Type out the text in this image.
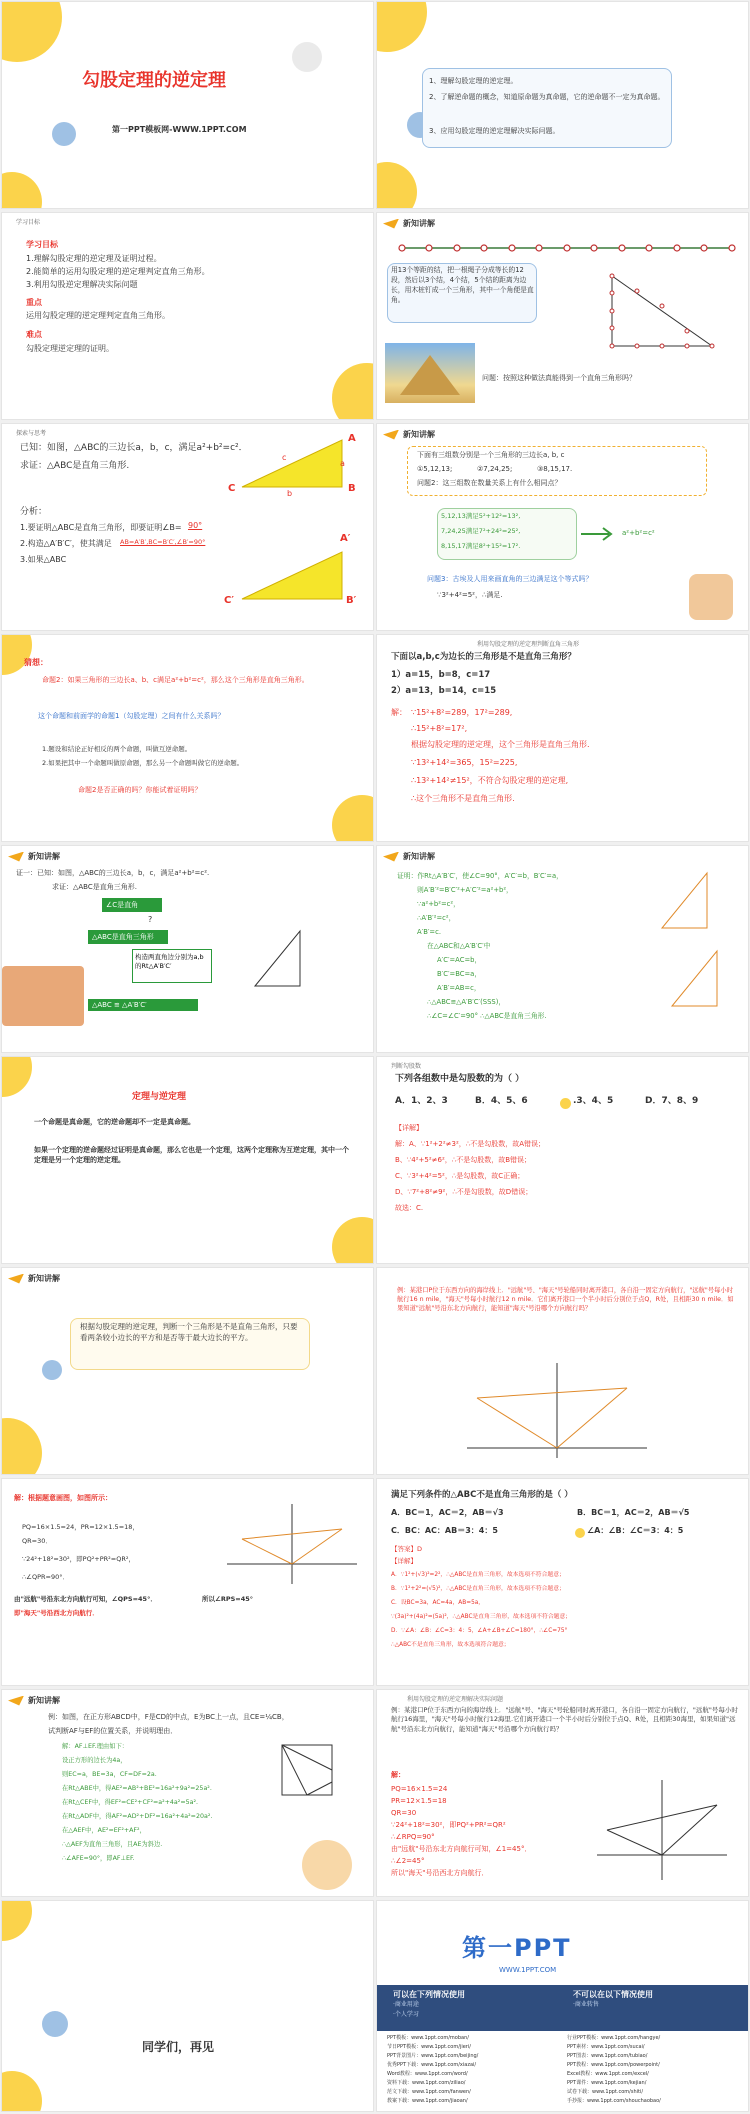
勾股定理的逆定理
第一PPT模板网-WWW.1PPT.COM
1、理解勾股定理的逆定理。
2、了解逆命题的概念，知道原命题为真命题，它的逆命题不一定为真命题。
3、应用勾股定理的逆定理解决实际问题。
学习目标
学习目标
1.理解勾股定理的逆定理及证明过程。
2.能简单的运用勾股定理的逆定理判定直角三角形。
3.利用勾股逆定理解决实际问题
重点
运用勾股定理的逆定理判定直角三角形。
难点
勾股定理逆定理的证明。
新知讲解
用13个等距的结，把一根绳子分成等长的12段，然后以3个结，4个结，5个结的距离为边长，用木桩钉成一个三角形，其中一个角便是直角。
问题：按照这种做法真能得到一个直角三角形吗？
探索与思考
已知：如图，△ABC的三边长a，b，c，满足a²+b²=c²．
求证：△ABC是直角三角形.
A
B
C
a
b
c
分析：
1.要证明△ABC是直角三角形，即要证明∠B= 90°
2.构造△A′B′C′，使其满足 AB=A′B′,BC=B′C′,∠B′=90°
3.如果△ABC
A′
B′
C′
新知讲解
下面有三组数分别是一个三角形的三边长a, b, c
①5,12,13;	②7,24,25;	③8,15,17.
问题2：这三组数在数量关系上有什么相同点？
5,12,13满足5²+12²=13²,
7,24,25满足7²+24²=25²,
8,15,17满足8²+15²=17².
a²+b²=c²
问题3：古埃及人用来画直角的三边满足这个等式吗？
∵3²+4²=5²，∴满足.
猜想：
命题2：如果三角形的三边长a、b、c满足a²+b²=c²，那么这个三角形是直角三角形。
这个命题和前面学的命题1（勾股定理）之间有什么关系吗？
1.题设和结论正好相反的两个命题，叫做互逆命题。
2.如果把其中一个命题叫做原命题，那么另一个命题叫做它的逆命题。
命题2是否正确的吗？你能试着证明吗？
利用勾股定理的逆定理判断直角三角形
下面以a,b,c为边长的三角形是不是直角三角形？
1）a=15，b=8，c=17
2）a=13，b=14，c=15
解： ∵15²+8²=289，17²=289,
∴15²+8²=17²,
根据勾股定理的逆定理，这个三角形是直角三角形.
∵13²+14²=365，15²=225,
∴13²+14²≠15²，不符合勾股定理的逆定理,
∴这个三角形不是直角三角形.
新知讲解
证一：已知：如图，△ABC的三边长a，b，c，满足a²+b²=c².
求证：△ABC是直角三角形.
∠C是直角
?
△ABC是直角三角形
构造两直角边分别为a,b的Rt△A′B′C′
△ABC ≌ △A′B′C′
新知讲解
证明：作Rt△A′B′C′，使∠C=90°，A′C′=b，B′C′=a，
则A′B′²=B′C′²+A′C′²=a²+b²，
∵a²+b²=c²，
∴A′B′²=c²，
A′B′=c.
在△ABC和△A′B′C′中
A′C′=AC=b，
B′C′=BC=a，
A′B′=AB=c，
∴△ABC≌△A′B′C′(SSS)，
∴∠C=∠C′=90° ∴△ABC是直角三角形.
定理与逆定理
一个命题是真命题，它的逆命题却不一定是真命题。
如果一个定理的逆命题经过证明是真命题，那么它也是一个定理，这两个定理称为互逆定理，其中一个定理是另一个定理的逆定理。
判断勾股数
下列各组数中是勾股数的为（ ）
A．1、2、3	B．4、5、6	.3、4、5	D．7、8、9
【详解】
解：A、∵1²+2²≠3²，∴不是勾股数，故A错误；
B、∵4²+5²≠6²，∴不是勾股数，故B错误；
C、∵3²+4²=5²，∴是勾股数，故C正确；
D、∵7²+8²≠9²，∴不是勾股数，故D错误；
故选：C.
新知讲解
根据勾股定理的逆定理，判断一个三角形是不是直角三角形，只要看两条较小边长的平方和是否等于最大边长的平方。
例：某港口P位于东西方向的海岸线上．"远航"号、"海天"号轮船同时离开港口，各自沿一固定方向航行，"远航"号每小时航行16 n mile，"海天"号每小时航行12 n mile．它们离开港口一个半小时后分别位于点Q，R处，且相距30 n mile．如果知道"远航"号沿东北方向航行，能知道"海天"号沿哪个方向航行吗？
解：根据题意画图，如图所示：
PQ=16×1.5=24，PR=12×1.5=18，
QR=30．
∵24²+18²=30²，即PQ²+PR²=QR²，
∴∠QPR=90°．
由"远航"号沿东北方向航行可知，∠QPS=45°．	所以∠RPS=45°
即"海天"号沿西北方向航行．
满足下列条件的△ABC不是直角三角形的是（ ）
A．BC＝1，AC＝2，AB＝√3	B．BC＝1，AC＝2，AB＝√5
C．BC：AC：AB＝3：4：5	∠A：∠B：∠C＝3：4：5
【答案】D
【详解】
A．∵1²+(√3)²=2²，∴△ABC是直角三角形，故本选项不符合题意；
B．∵1²+2²=(√5)²，∴△ABC是直角三角形，故本选项不符合题意；
C．设BC=3a，AC=4a，AB=5a，
∵(3a)²+(4a)²=(5a)²，∴△ABC是直角三角形，故本选项不符合题意；
D．∵∠A：∠B：∠C=3：4：5，∠A+∠B+∠C=180°，∴∠C=75°
∴△ABC不是直角三角形，故本选项符合题意；
新知讲解
例：如图，在正方形ABCD中，F是CD的中点，E为BC上一点，且CE=¼CB，
试判断AF与EF的位置关系，并说明理由．
解：AF⊥EF.理由如下：
设正方形的边长为4a，
则EC=a，BE=3a，CF=DF=2a.
在Rt△ABE中，得AE²=AB²+BE²=16a²+9a²=25a².
在Rt△CEF中，得EF²=CE²+CF²=a²+4a²=5a².
在Rt△ADF中，得AF²=AD²+DF²=16a²+4a²=20a².
在△AEF中，AE²=EF²+AF²，
∴△AEF为直角三角形，且AE为斜边.
∴∠AFE=90°，即AF⊥EF.
利用勾股定理的逆定理解决实际问题
例：某港口P位于东西方向的海岸线上．"远航"号、"海天"号轮船同时离开港口，各自沿一固定方向航行，"远航"号每小时航行16海里，"海天"号每小时航行12海里.它们离开港口一个半小时后分别位于点Q、R处，且相距30海里，如果知道"远航"号沿东北方向航行，能知道"海天"号沿哪个方向航行吗？
解：
PQ=16×1.5=24
PR=12×1.5=18
QR=30
∵24²+18²=30²，即PQ²+PR²=QR²
∴∠RPQ=90°
由"远航"号沿东北方向航行可知，∠1=45°．
∴∠2=45°
所以"海天"号沿西北方向航行．
同学们，再见
第一PPT
WWW.1PPT.COM
可以在下列情况使用
·商业用途
·个人学习
不可以在以下情况使用
·商业转售
PPT模板：www.1ppt.com/moban/	行业PPT模板：www.1ppt.com/hangye/
节日PPT模板：www.1ppt.com/jieri/	PPT素材：www.1ppt.com/sucai/
PPT背景图片：www.1ppt.com/beijing/	PPT图表：www.1ppt.com/tubiao/
优秀PPT下载：www.1ppt.com/xiazai/	PPT教程：www.1ppt.com/powerpoint/
Word教程：www.1ppt.com/word/	Excel教程：www.1ppt.com/excel/
资料下载：www.1ppt.com/ziliao/	PPT课件：www.1ppt.com/kejian/
范文下载：www.1ppt.com/fanwen/	试卷下载：www.1ppt.com/shiti/
教案下载：www.1ppt.com/jiaoan/	手抄报：www.1ppt.com/shouchaobao/
